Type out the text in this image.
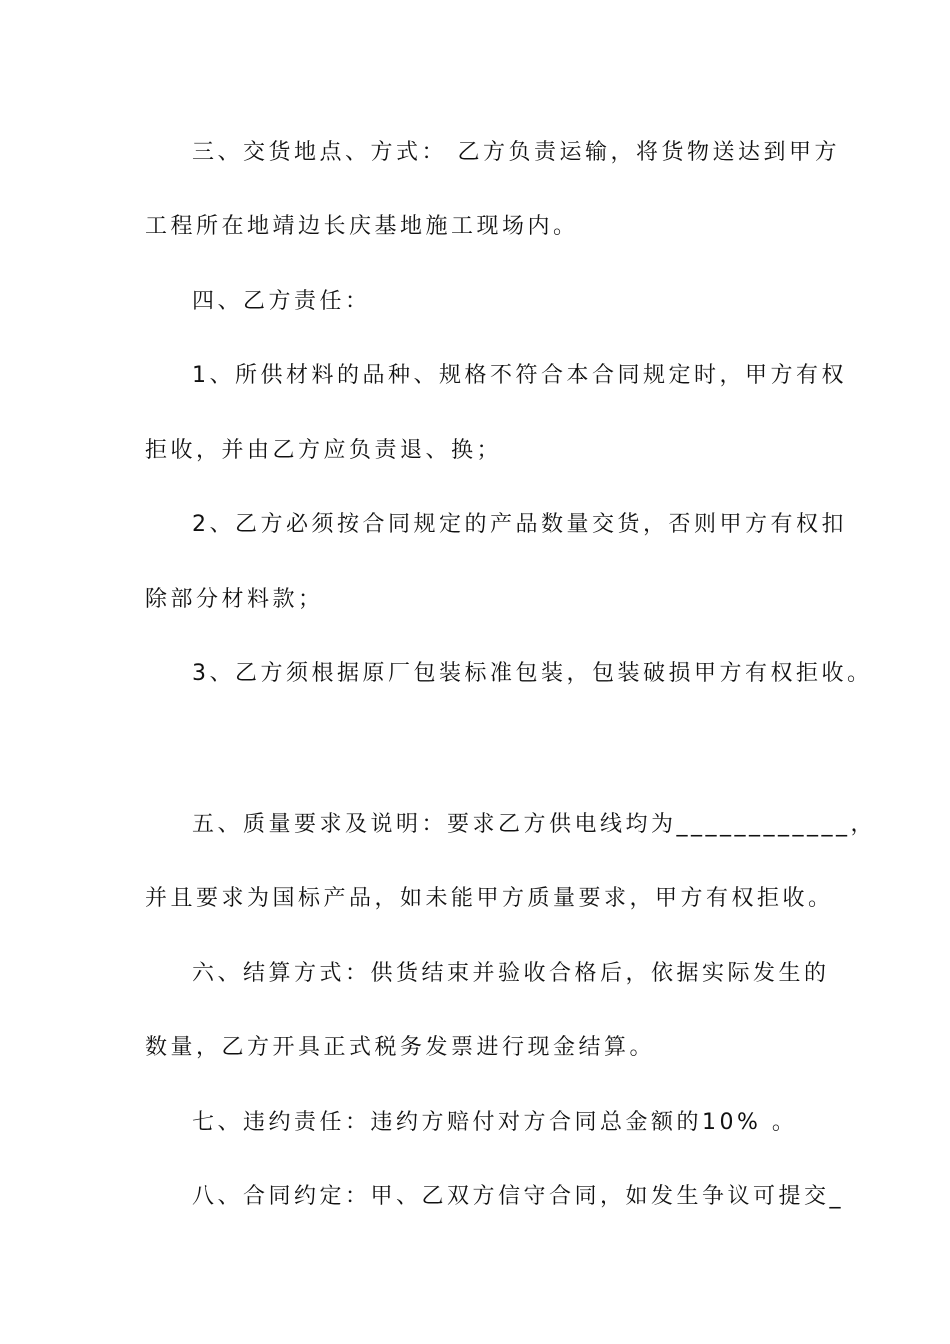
三、交货地点、方式： 乙方负责运输，将货物送达到甲方
工程所在地靖边长庆基地施工现场内。
四、乙方责任：
1、所供材料的品种、规格不符合本合同规定时，甲方有权
拒收，并由乙方应负责退、换；
2、乙方必须按合同规定的产品数量交货，否则甲方有权扣
除部分材料款；
3、乙方须根据原厂包装标准包装，包装破损甲方有权拒收。
五、质量要求及说明：要求乙方供电线均为____________，
并且要求为国标产品，如未能甲方质量要求，甲方有权拒收。
六、结算方式：供货结束并验收合格后，依据实际发生的
数量，乙方开具正式税务发票进行现金结算。
七、违约责任：违约方赔付对方合同总金额的10% 。
八、合同约定：甲、乙双方信守合同，如发生争议可提交_
